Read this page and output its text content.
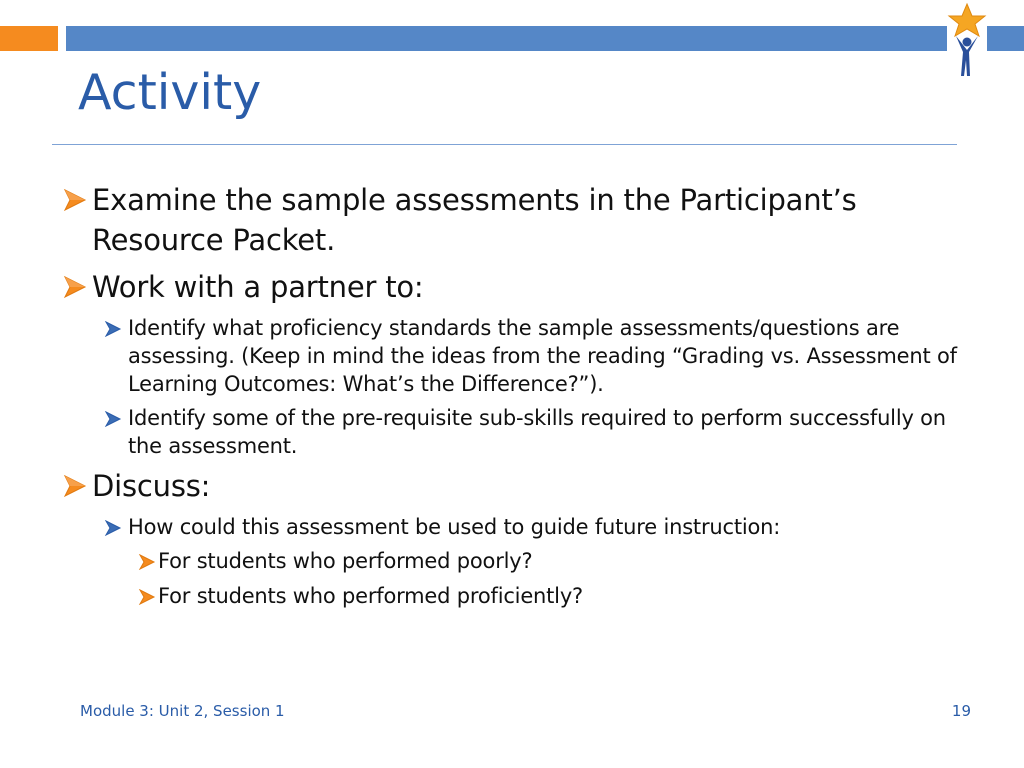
Activity
Examine the sample assessments in the Participant’s Resource Packet.
Work with a partner to:
Identify what proficiency standards the sample assessments/questions are assessing. (Keep in mind the ideas from the reading “Grading vs. Assessment of Learning Outcomes: What’s the Difference?”).
Identify some of the pre-requisite sub-skills required to perform successfully on the assessment.
Discuss:
How could this assessment be used to guide future instruction:
For students who performed poorly?
For students who performed proficiently?
Module 3: Unit 2, Session 1	19
